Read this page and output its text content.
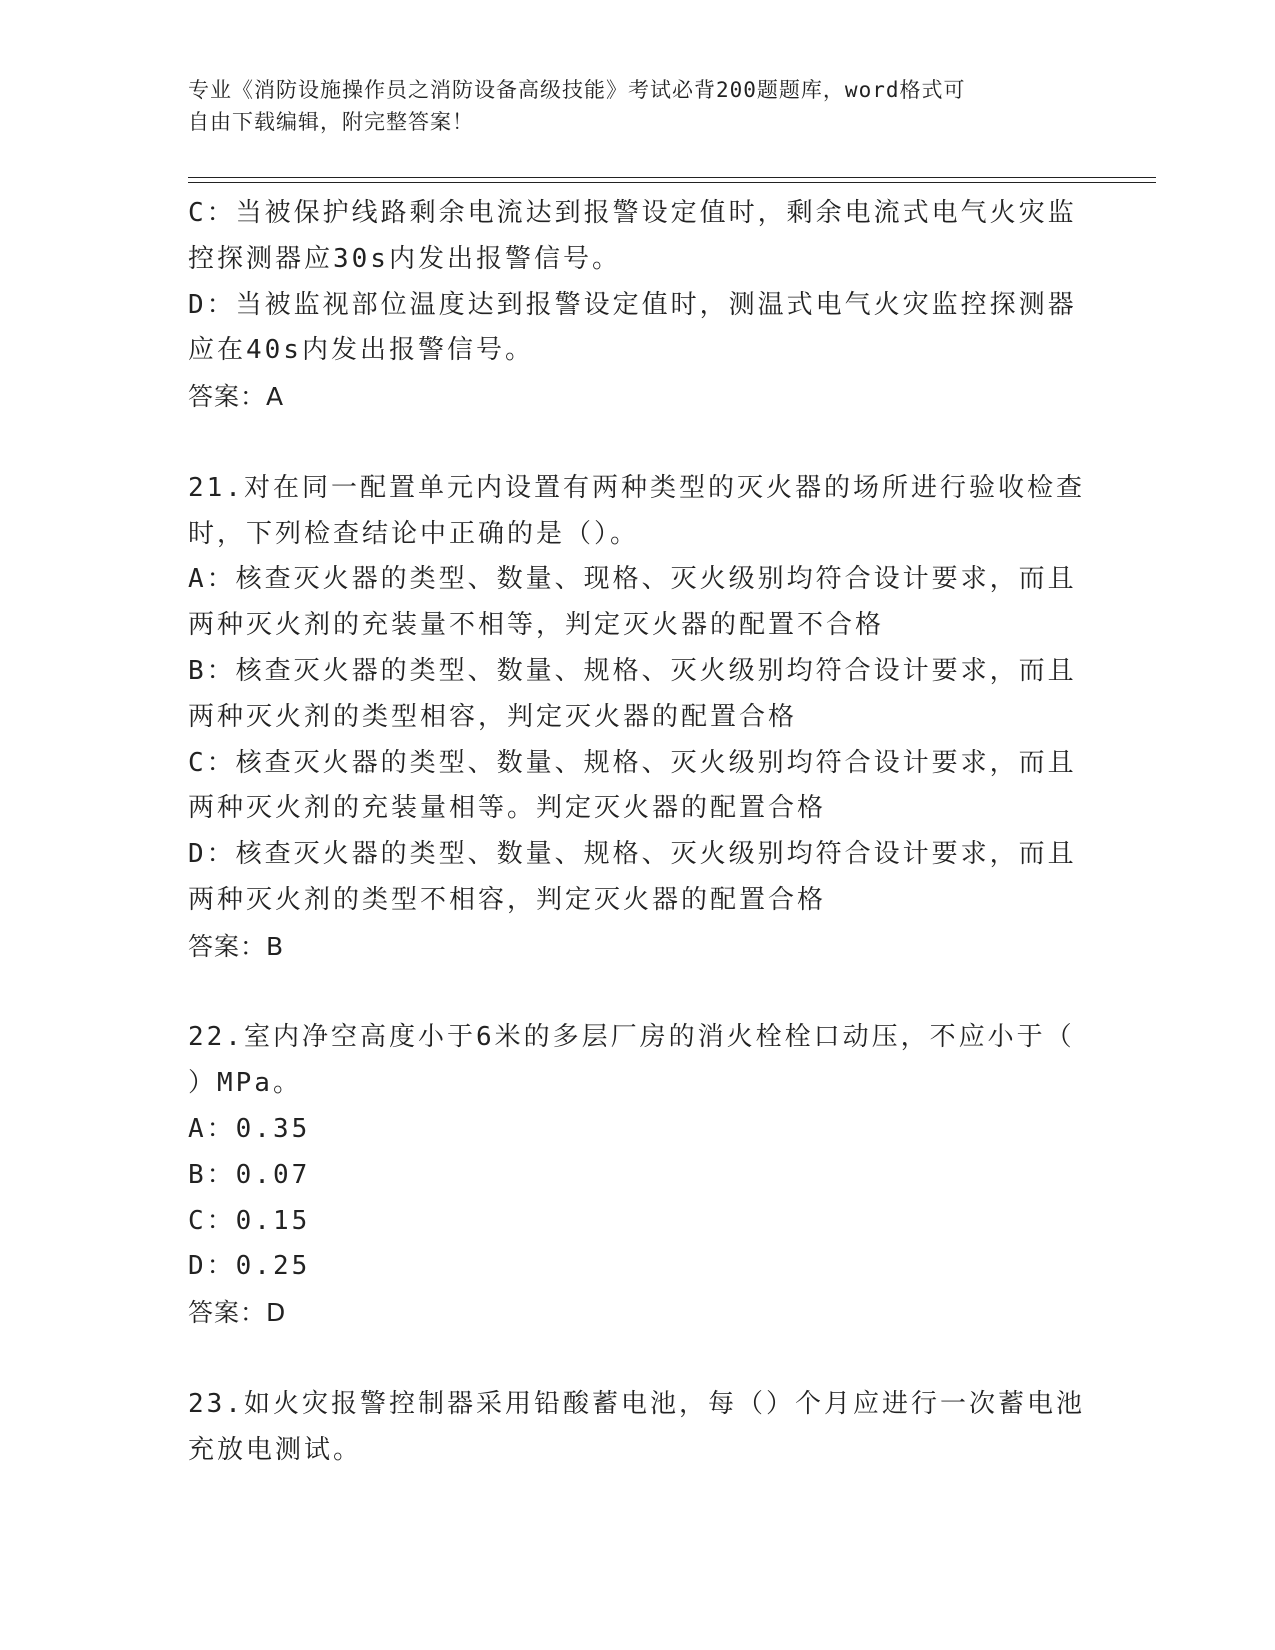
专业《消防设施操作员之消防设备高级技能》考试必背200题题库，word格式可
自由下载编辑，附完整答案！
C：当被保护线路剩余电流达到报警设定值时，剩余电流式电气火灾监
控探测器应30s内发出报警信号。
D：当被监视部位温度达到报警设定值时，测温式电气火灾监控探测器
应在40s内发出报警信号。
答案：A
21.对在同一配置单元内设置有两种类型的灭火器的场所进行验收检查
时，下列检查结论中正确的是（）。
A：核查灭火器的类型、数量、现格、灭火级别均符合设计要求，而且
两种灭火剂的充装量不相等，判定灭火器的配置不合格
B：核查灭火器的类型、数量、规格、灭火级别均符合设计要求，而且
两种灭火剂的类型相容，判定灭火器的配置合格
C：核查灭火器的类型、数量、规格、灭火级别均符合设计要求，而且
两种灭火剂的充装量相等。判定灭火器的配置合格
D：核查灭火器的类型、数量、规格、灭火级别均符合设计要求，而且
两种灭火剂的类型不相容，判定灭火器的配置合格
答案：B
22.室内净空高度小于6米的多层厂房的消火栓栓口动压，不应小于（
）MPa。
A：0.35
B：0.07
C：0.15
D：0.25
答案：D
23.如火灾报警控制器采用铅酸蓄电池，每（）个月应进行一次蓄电池
充放电测试。
